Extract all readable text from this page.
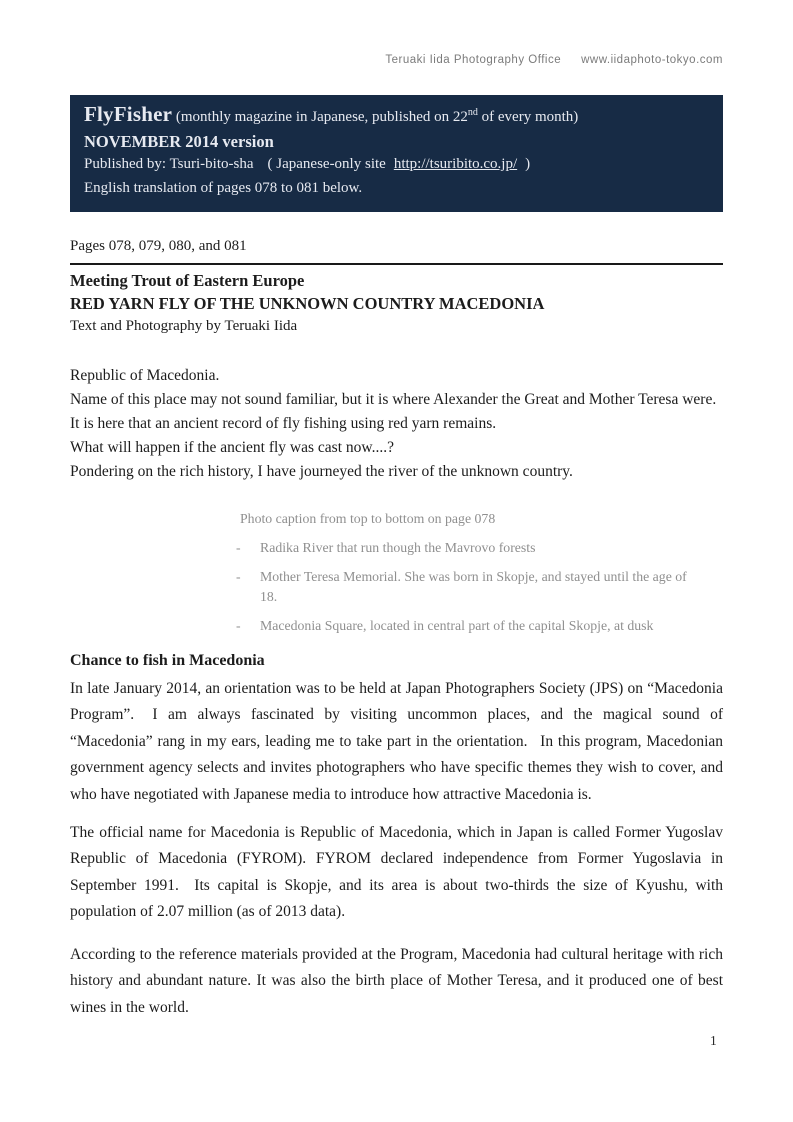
Teruaki Iida Photography Office www.iidaphoto-tokyo.com
FlyFisher (monthly magazine in Japanese, published on 22nd of every month)
NOVEMBER 2014 version
Published by: Tsuri-bito-sha ( Japanese-only site http://tsuribito.co.jp/ )
English translation of pages 078 to 081 below.
Pages 078, 079, 080, and 081
Meeting Trout of Eastern Europe
RED YARN FLY OF THE UNKNOWN COUNTRY MACEDONIA
Text and Photography by Teruaki Iida
Republic of Macedonia.
Name of this place may not sound familiar, but it is where Alexander the Great and Mother Teresa were.
It is here that an ancient record of fly fishing using red yarn remains.
What will happen if the ancient fly was cast now....?
Pondering on the rich history, I have journeyed the river of the unknown country.
Photo caption from top to bottom on page 078
-	Radika River that run though the Mavrovo forests
-	Mother Teresa Memorial. She was born in Skopje, and stayed until the age of 18.
-	Macedonia Square, located in central part of the capital Skopje, at dusk
Chance to fish in Macedonia
In late January 2014, an orientation was to be held at Japan Photographers Society (JPS) on “Macedonia Program”.  I am always fascinated by visiting uncommon places, and the magical sound of “Macedonia” rang in my ears, leading me to take part in the orientation.  In this program, Macedonian government agency selects and invites photographers who have specific themes they wish to cover, and who have negotiated with Japanese media to introduce how attractive Macedonia is.
The official name for Macedonia is Republic of Macedonia, which in Japan is called Former Yugoslav Republic of Macedonia (FYROM). FYROM declared independence from Former Yugoslavia in September 1991.  Its capital is Skopje, and its area is about two-thirds the size of Kyushu, with population of 2.07 million (as of 2013 data).
According to the reference materials provided at the Program, Macedonia had cultural heritage with rich history and abundant nature. It was also the birth place of Mother Teresa, and it produced one of best wines in the world.
1
